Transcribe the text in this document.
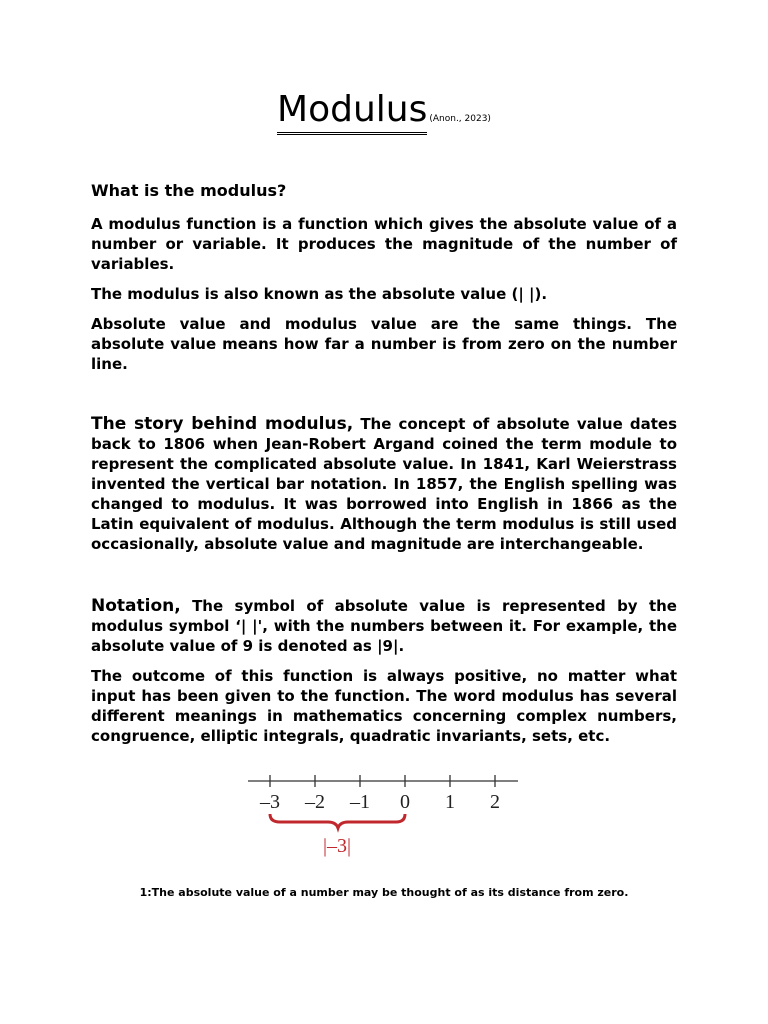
Modulus (Anon., 2023)
What is the modulus?

A modulus function is a function which gives the absolute value of a number or variable. It produces the magnitude of the number of variables.

The modulus is also known as the absolute value (| |).

Absolute value and modulus value are the same things. The absolute value means how far a number is from zero on the number line.

The story behind modulus, The concept of absolute value dates back to 1806 when Jean-Robert Argand coined the term module to represent the complicated absolute value. In 1841, Karl Weierstrass invented the vertical bar notation. In 1857, the English spelling was changed to modulus. It was borrowed into English in 1866 as the Latin equivalent of modulus. Although the term modulus is still used occasionally, absolute value and magnitude are interchangeable.

Notation, The symbol of absolute value is represented by the modulus symbol ‘| |', with the numbers between it. For example, the absolute value of 9 is denoted as |9|.

The outcome of this function is always positive, no matter what input has been given to the function. The word modulus has several different meanings in mathematics concerning complex numbers, congruence, elliptic integrals, quadratic invariants, sets, etc.

–3 –2 –1 0 1 2
|–3|
1:The absolute value of a number may be thought of as its distance from zero.
